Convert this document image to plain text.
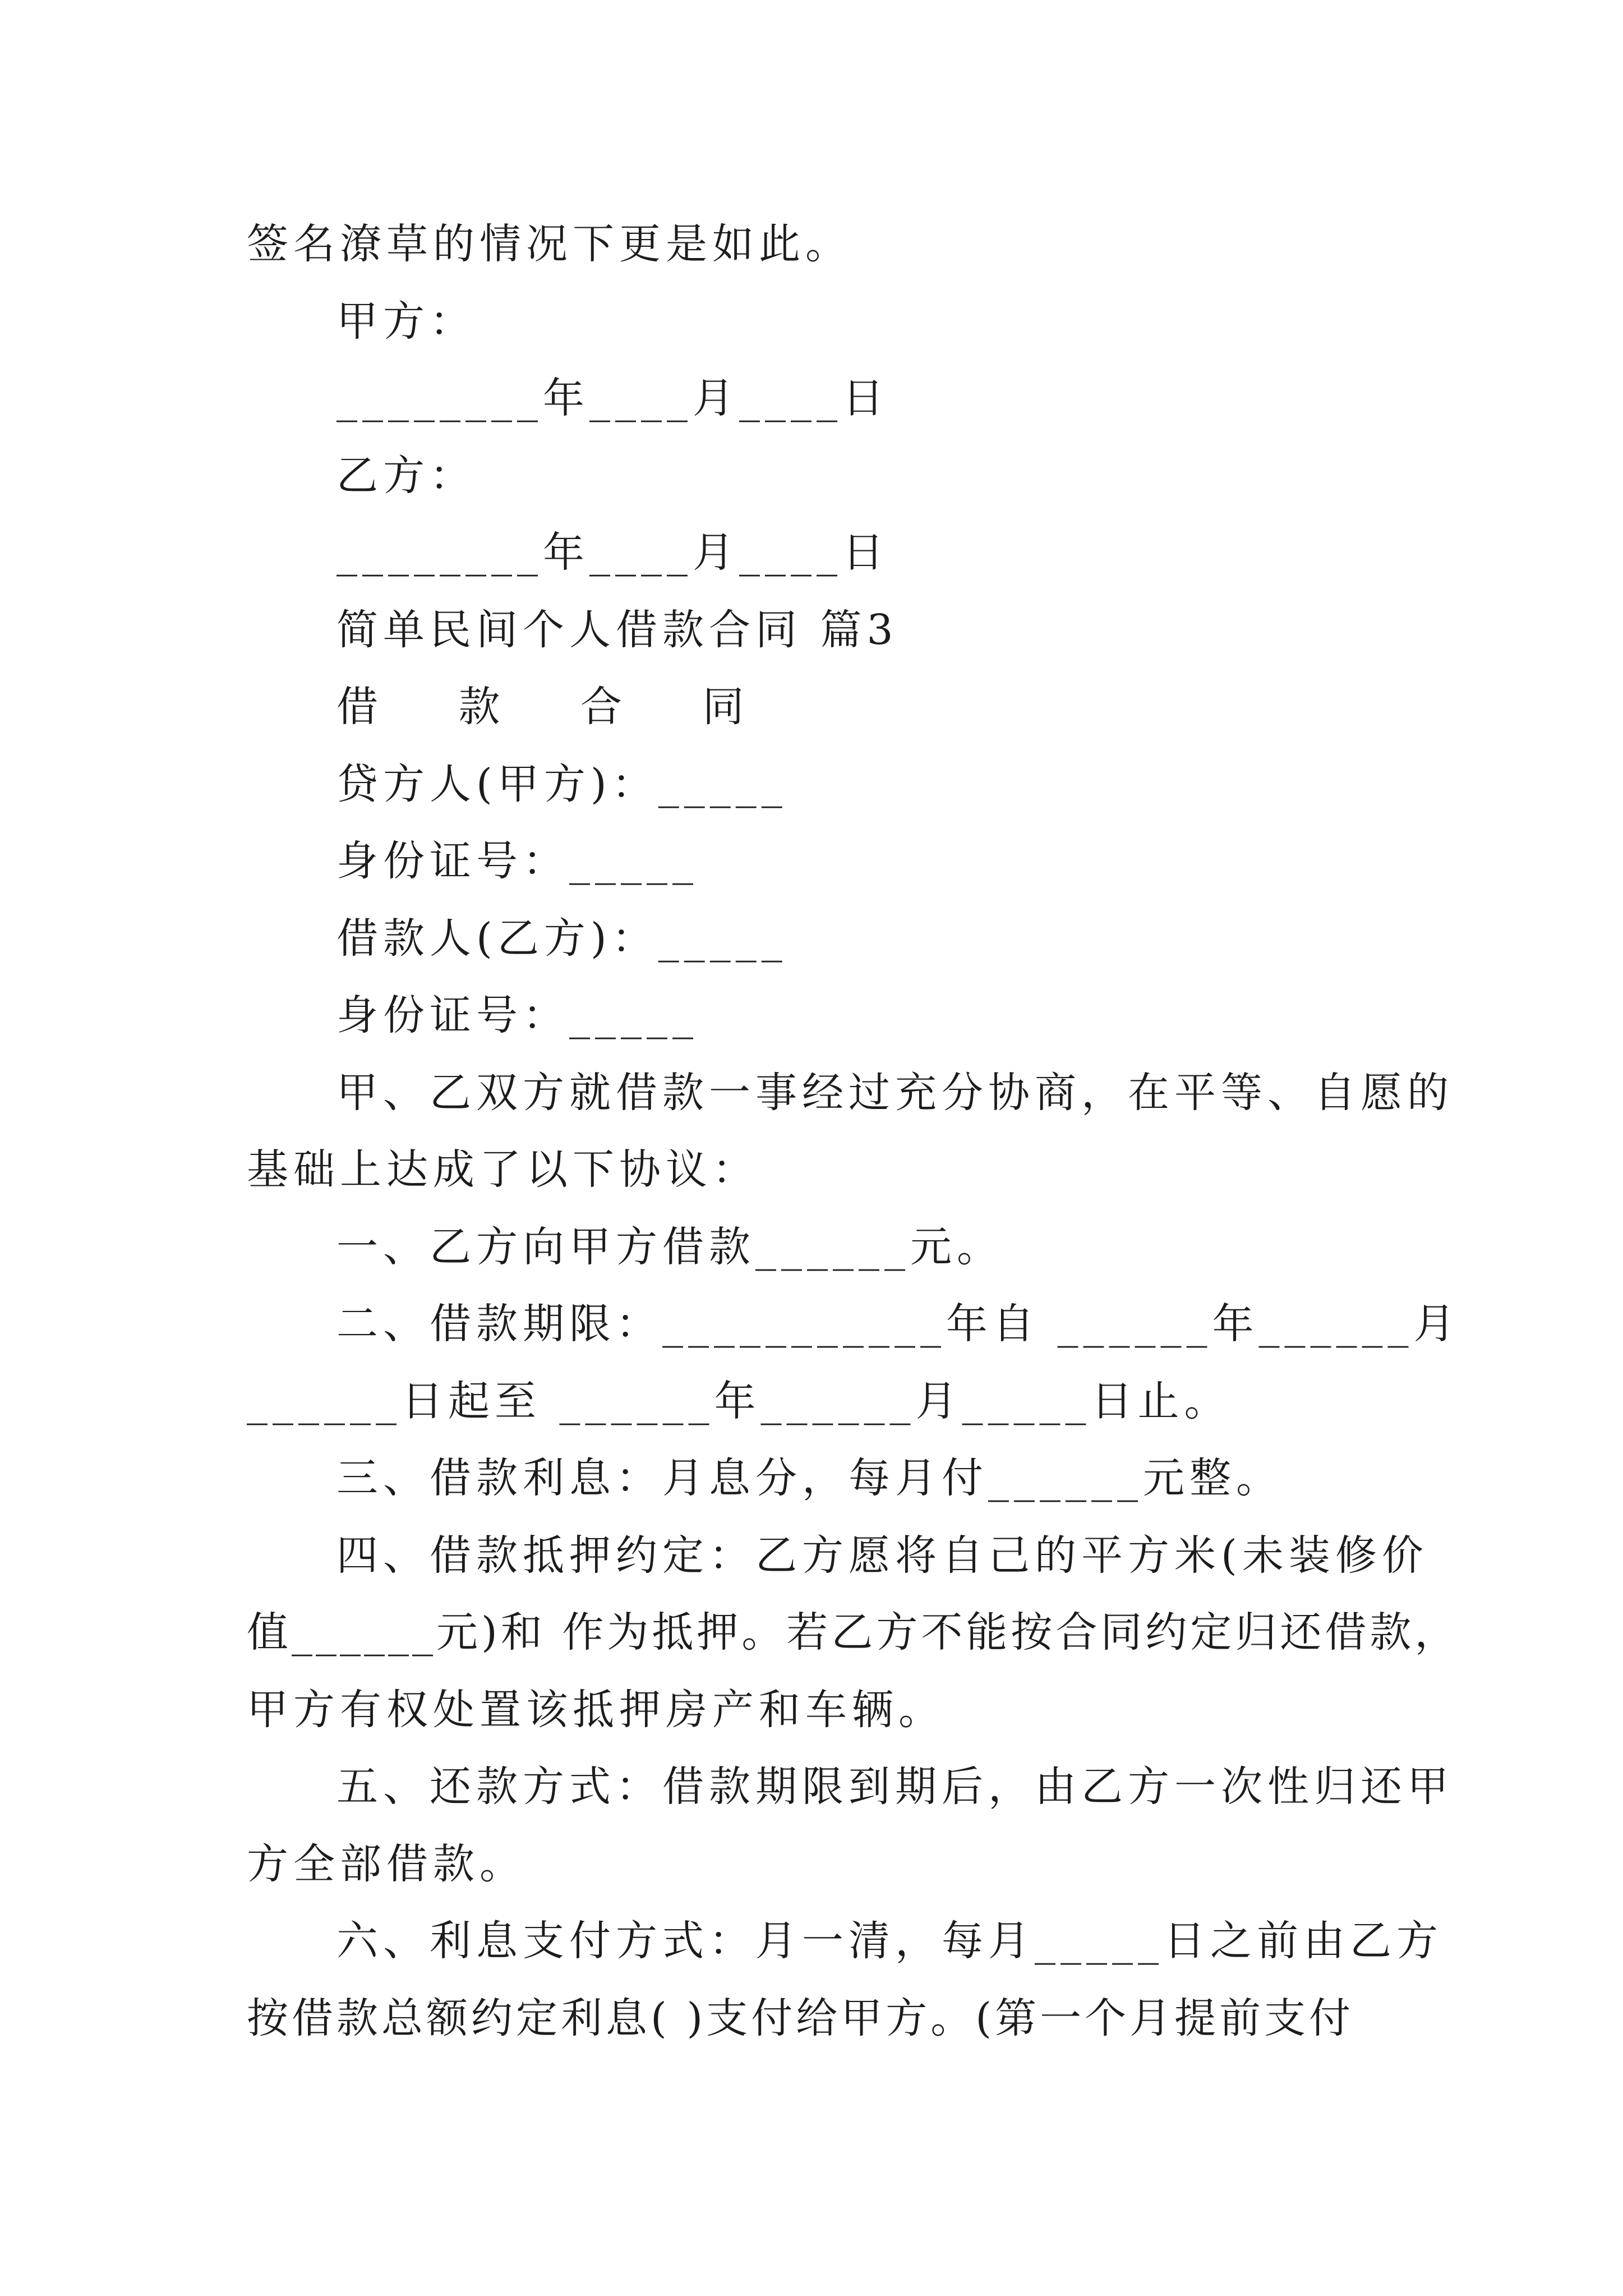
签名潦草的情况下更是如此。

甲方：

________年____月____日

乙方：

________年____月____日

简单民间个人借款合同 篇3

借 款 合 同

贷方人(甲方)：_____

身份证号：_____

借款人(乙方)：_____

身份证号：_____

甲、乙双方就借款一事经过充分协商，在平等、自愿的

基础上达成了以下协议：

一、乙方向甲方借款______元。

二、借款期限：___________年自 ______年______月

______日起至 ______年______月_____日止。

三、借款利息：月息分，每月付______元整。

四、借款抵押约定：乙方愿将自己的平方米(未装修价

值______元)和 作为抵押。若乙方不能按合同约定归还借款，

甲方有权处置该抵押房产和车辆。

五、还款方式：借款期限到期后，由乙方一次性归还甲

方全部借款。

六、利息支付方式：月一清，每月_____日之前由乙方

按借款总额约定利息( )支付给甲方。(第一个月提前支付
